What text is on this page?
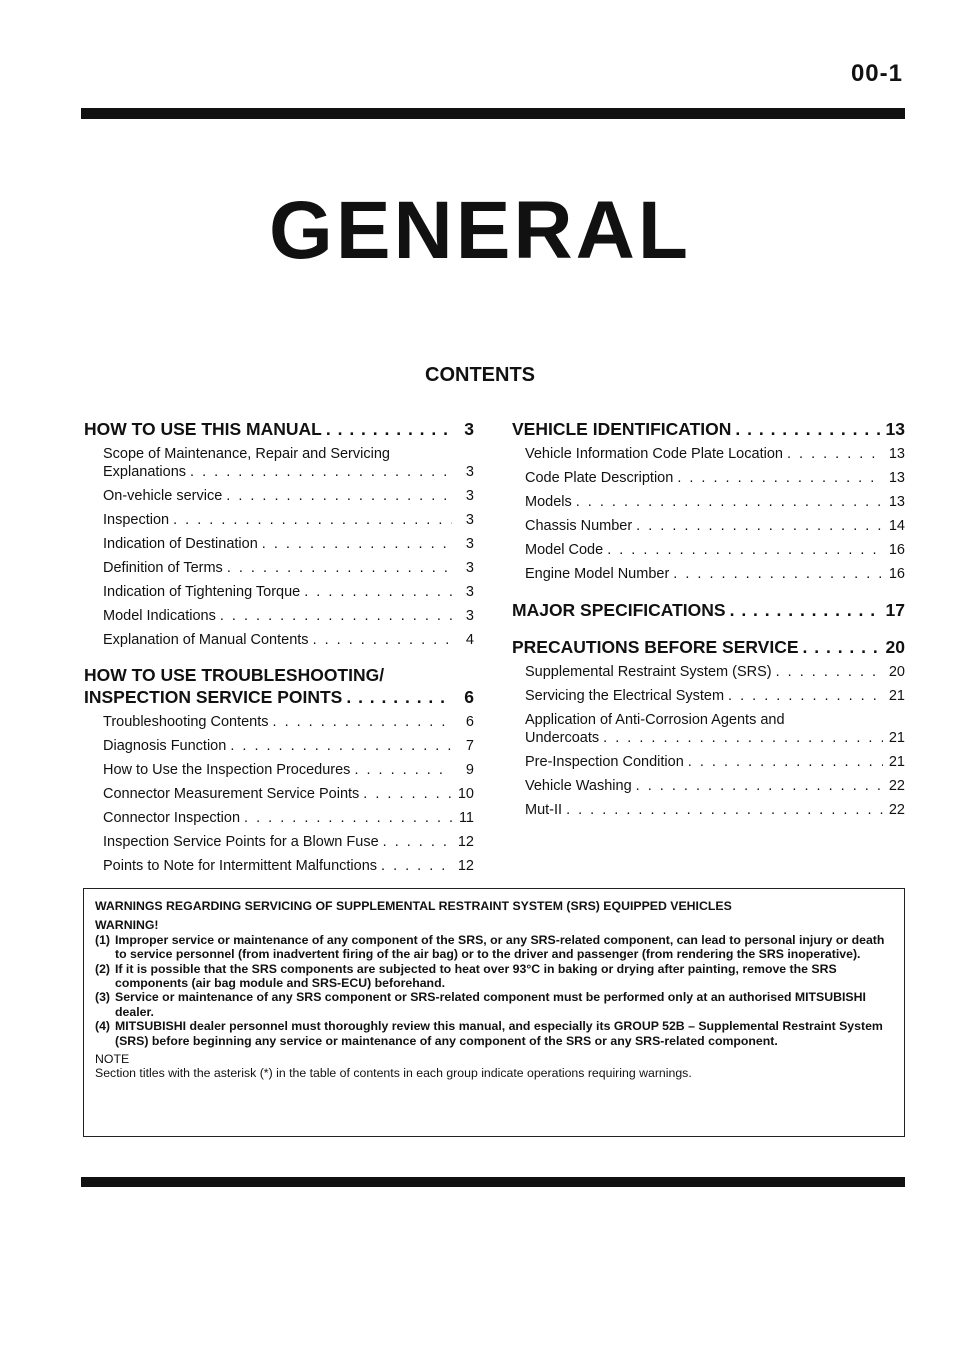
00-1
GENERAL
CONTENTS
HOW TO USE THIS MANUAL . . .	3
Scope of Maintenance, Repair and Servicing
Explanations . . .	3
On-vehicle service . . .	3
Inspection . . .	3
Indication of Destination . . .	3
Definition of Terms . . .	3
Indication of Tightening Torque . . .	3
Model Indications . . .	3
Explanation of Manual Contents . . .	4
HOW TO USE TROUBLESHOOTING/
INSPECTION SERVICE POINTS . . .	6
Troubleshooting Contents . . .	6
Diagnosis Function . . .	7
How to Use the Inspection Procedures . . .	9
Connector Measurement Service Points . . .	10
Connector Inspection . . .	11
Inspection Service Points for a Blown Fuse . . .	12
Points to Note for Intermittent Malfunctions . . .	12
VEHICLE IDENTIFICATION . . .	13
Vehicle Information Code Plate Location . . .	13
Code Plate Description . . .	13
Models . . .	13
Chassis Number . . .	14
Model Code . . .	16
Engine Model Number . . .	16
MAJOR SPECIFICATIONS . . .	17
PRECAUTIONS BEFORE SERVICE . . .	20
Supplemental Restraint System (SRS) . . .	20
Servicing the Electrical System . . .	21
Application of Anti-Corrosion Agents and
Undercoats . . .	21
Pre-Inspection Condition . . .	21
Vehicle Washing . . .	22
Mut-II . . .	22
WARNINGS REGARDING SERVICING OF SUPPLEMENTAL RESTRAINT SYSTEM (SRS) EQUIPPED VEHICLES
WARNING!
(1) Improper service or maintenance of any component of the SRS, or any SRS-related component, can lead to personal injury or death to service personnel (from inadvertent firing of the air bag) or to the driver and passenger (from rendering the SRS inoperative).
(2) If it is possible that the SRS components are subjected to heat over 93°C in baking or drying after painting, remove the SRS components (air bag module and SRS-ECU) beforehand.
(3) Service or maintenance of any SRS component or SRS-related component must be performed only at an authorised MITSUBISHI dealer.
(4) MITSUBISHI dealer personnel must thoroughly review this manual, and especially its GROUP 52B – Supplemental Restraint System (SRS) before beginning any service or maintenance of any component of the SRS or any SRS-related component.
NOTE
Section titles with the asterisk (*) in the table of contents in each group indicate operations requiring warnings.
